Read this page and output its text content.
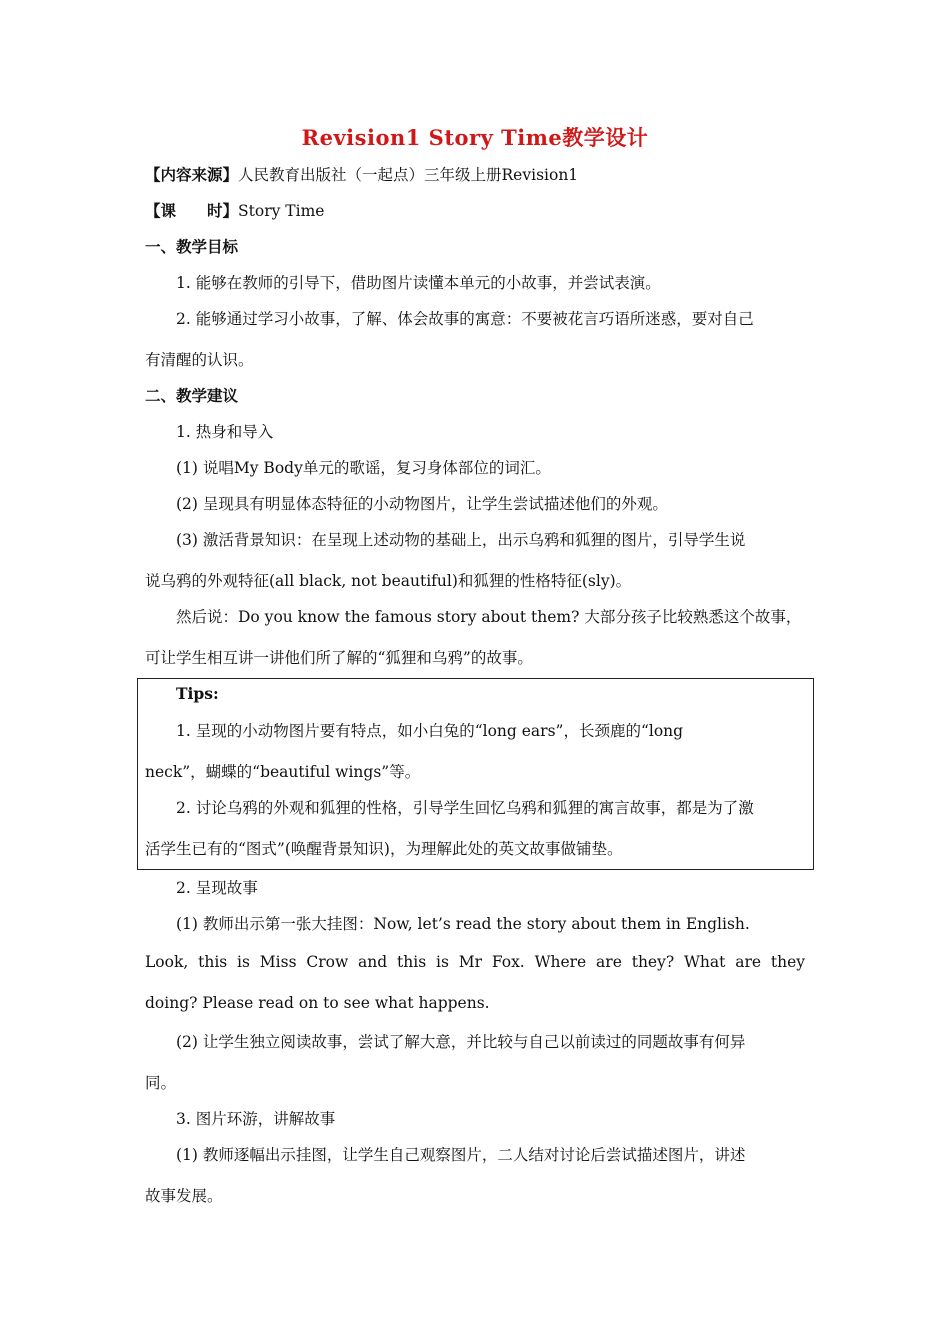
Revision1 Story Time教学设计
【内容来源】人民教育出版社（一起点）三年级上册Revision1
【课　　时】Story Time
一、教学目标
1. 能够在教师的引导下，借助图片读懂本单元的小故事，并尝试表演。
2. 能够通过学习小故事，了解、体会故事的寓意：不要被花言巧语所迷惑，要对自己
有清醒的认识。
二、教学建议
1. 热身和导入
(1) 说唱My Body单元的歌谣，复习身体部位的词汇。
(2) 呈现具有明显体态特征的小动物图片，让学生尝试描述他们的外观。
(3) 激活背景知识：在呈现上述动物的基础上，出示乌鸦和狐狸的图片，引导学生说
说乌鸦的外观特征(all black, not beautiful)和狐狸的性格特征(sly)。
然后说：Do you know the famous story about them? 大部分孩子比较熟悉这个故事，
可让学生相互讲一讲他们所了解的“狐狸和乌鸦”的故事。
Tips:
1. 呈现的小动物图片要有特点，如小白兔的“long ears”，长颈鹿的“long
neck”，蝴蝶的“beautiful wings”等。
2. 讨论乌鸦的外观和狐狸的性格，引导学生回忆乌鸦和狐狸的寓言故事，都是为了激
活学生已有的“图式”(唤醒背景知识)，为理解此处的英文故事做铺垫。
2. 呈现故事
(1) 教师出示第一张大挂图：Now, let’s read the story about them in English.
Look, this is Miss Crow and this is Mr Fox. Where are they? What are they
doing? Please read on to see what happens.
(2) 让学生独立阅读故事，尝试了解大意，并比较与自己以前读过的同题故事有何异
同。
3. 图片环游，讲解故事
(1) 教师逐幅出示挂图，让学生自己观察图片，二人结对讨论后尝试描述图片，讲述
故事发展。
